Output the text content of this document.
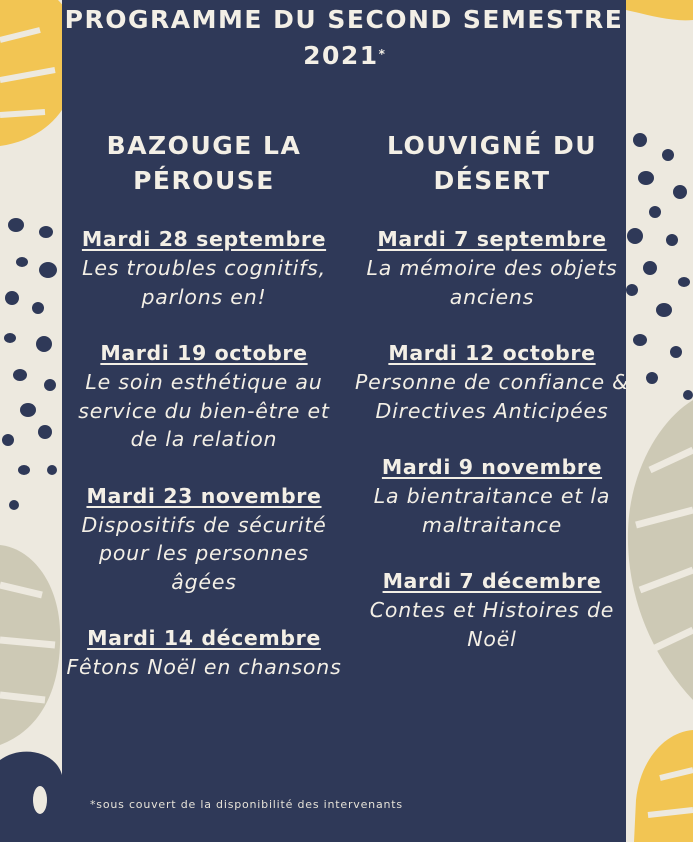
PROGRAMME DU SECOND SEMESTRE
2021*
BAZOUGE LA PÉROUSE
Mardi 28 septembre
Les troubles cognitifs, parlons en!
Mardi 19 octobre
Le soin esthétique au service du bien-être et de la relation
Mardi 23 novembre
Dispositifs de sécurité pour les personnes âgées
Mardi 14 décembre
Fêtons Noël en chansons
LOUVIGNÉ DU DÉSERT
Mardi 7 septembre
La mémoire des objets anciens
Mardi 12 octobre
Personne de confiance & Directives Anticipées
Mardi 9 novembre
La bientraitance et la maltraitance
Mardi 7 décembre
Contes et Histoires de Noël
*sous couvert de la disponibilité des intervenants
